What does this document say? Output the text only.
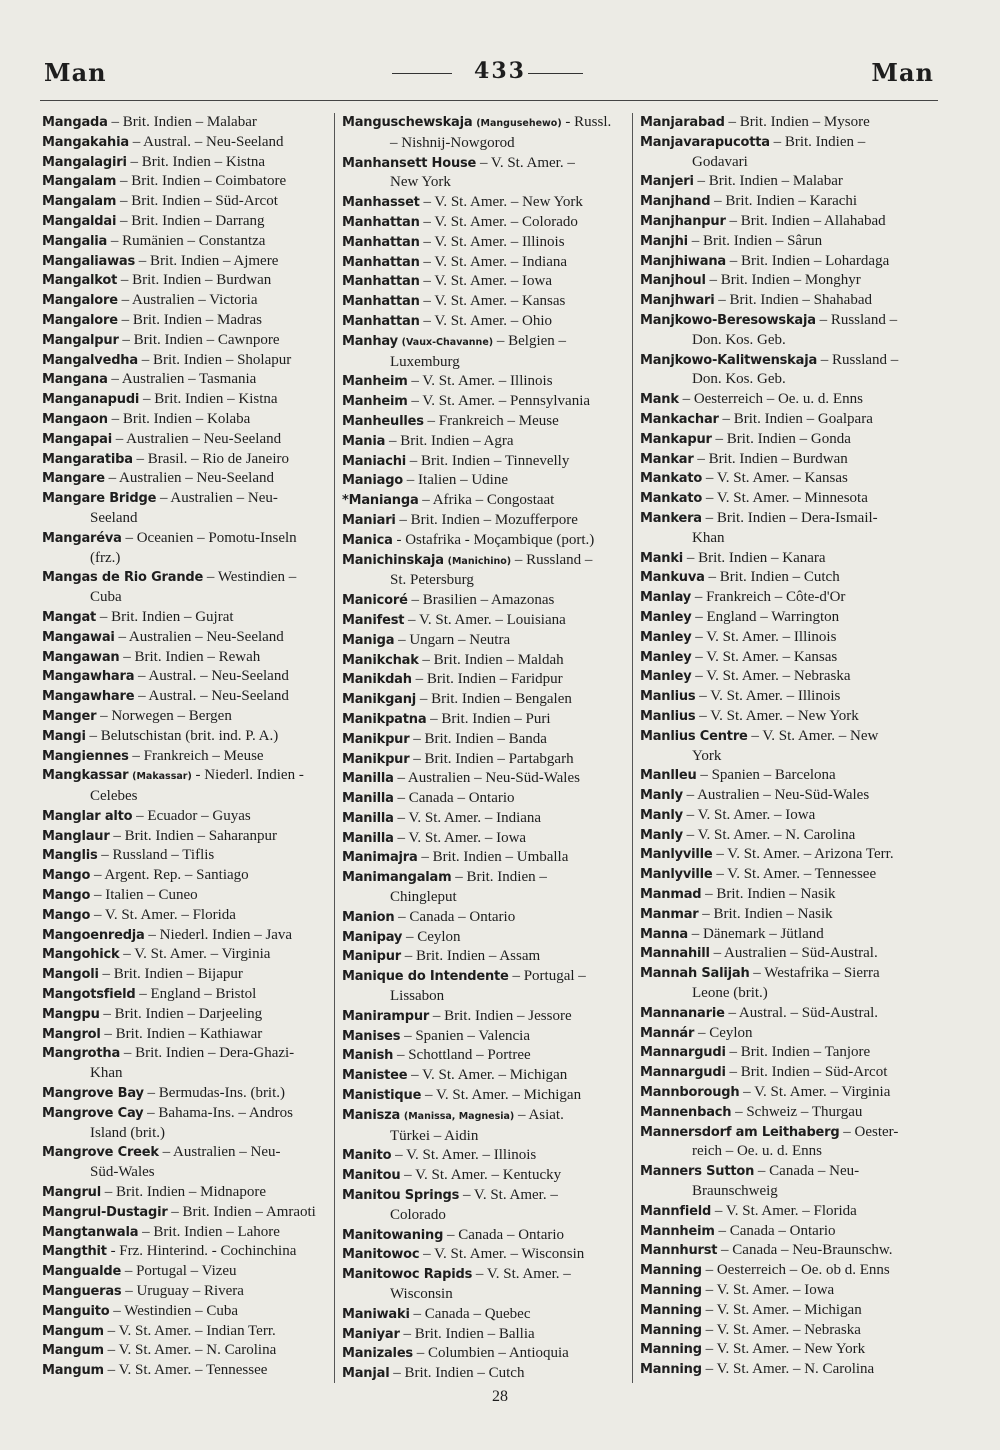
Man	433	Man

Mangada – Brit. Indien – Malabar

Mangakahia – Austral. – Neu-Seeland

Mangalagiri – Brit. Indien – Kistna

Mangalam – Brit. Indien – Coimbatore

Mangalam – Brit. Indien – Süd-Arcot

Mangaldai – Brit. Indien – Darrang

Mangalia – Rumänien – Constantza

Mangaliawas – Brit. Indien – Ajmere

Mangalkot – Brit. Indien – Burdwan

Mangalore – Australien – Victoria

Mangalore – Brit. Indien – Madras

Mangalpur – Brit. Indien – Cawnpore

Mangalvedha – Brit. Indien – Sholapur

Mangana – Australien – Tasmania

Manganapudi – Brit. Indien – Kistna

Mangaon – Brit. Indien – Kolaba

Mangapai – Australien – Neu-Seeland

Mangaratiba – Brasil. – Rio de Janeiro

Mangare – Australien – Neu-Seeland

Mangare Bridge – Australien – Neu-

Seeland

Mangaréva – Oceanien – Pomotu-Inseln

(frz.)

Mangas de Rio Grande – Westindien –

Cuba

Mangat – Brit. Indien – Gujrat

Mangawai – Australien – Neu-Seeland

Mangawan – Brit. Indien – Rewah

Mangawhara – Austral. – Neu-Seeland

Mangawhare – Austral. – Neu-Seeland

Manger – Norwegen – Bergen

Mangi – Belutschistan (brit. ind. P. A.)

Mangiennes – Frankreich – Meuse

Mangkassar (Makassar) - Niederl. Indien -

Celebes

Manglar alto – Ecuador – Guyas

Manglaur – Brit. Indien – Saharanpur

Manglis – Russland – Tiflis

Mango – Argent. Rep. – Santiago

Mango – Italien – Cuneo

Mango – V. St. Amer. – Florida

Mangoenredja – Niederl. Indien – Java

Mangohick – V. St. Amer. – Virginia

Mangoli – Brit. Indien – Bijapur

Mangotsfield – England – Bristol

Mangpu – Brit. Indien – Darjeeling

Mangrol – Brit. Indien – Kathiawar

Mangrotha – Brit. Indien – Dera-Ghazi-

Khan

Mangrove Bay – Bermudas-Ins. (brit.)

Mangrove Cay – Bahama-Ins. – Andros

Island (brit.)

Mangrove Creek – Australien – Neu-

Süd-Wales

Mangrul – Brit. Indien – Midnapore

Mangrul-Dustagir – Brit. Indien – Amraoti

Mangtanwala – Brit. Indien – Lahore

Mangthit - Frz. Hinterind. - Cochinchina

Mangualde – Portugal – Vizeu

Mangueras – Uruguay – Rivera

Manguito – Westindien – Cuba

Mangum – V. St. Amer. – Indian Terr.

Mangum – V. St. Amer. – N. Carolina

Mangum – V. St. Amer. – Tennessee

Manguschewskaja (Mangusehewo) - Russl.

– Nishnij-Nowgorod

Manhansett House – V. St. Amer. –

New York

Manhasset – V. St. Amer. – New York

Manhattan – V. St. Amer. – Colorado

Manhattan – V. St. Amer. – Illinois

Manhattan – V. St. Amer. – Indiana

Manhattan – V. St. Amer. – Iowa

Manhattan – V. St. Amer. – Kansas

Manhattan – V. St. Amer. – Ohio

Manhay (Vaux-Chavanne) – Belgien –

Luxemburg

Manheim – V. St. Amer. – Illinois

Manheim – V. St. Amer. – Pennsylvania

Manheulles – Frankreich – Meuse

Mania – Brit. Indien – Agra

Maniachi – Brit. Indien – Tinnevelly

Maniago – Italien – Udine

*Manianga – Afrika – Congostaat

Maniari – Brit. Indien – Mozufferpore

Manica - Ostafrika - Moçambique (port.)

Manichinskaja (Manichino) – Russland –

St. Petersburg

Manicoré – Brasilien – Amazonas

Manifest – V. St. Amer. – Louisiana

Maniga – Ungarn – Neutra

Manikchak – Brit. Indien – Maldah

Manikdah – Brit. Indien – Faridpur

Manikganj – Brit. Indien – Bengalen

Manikpatna – Brit. Indien – Puri

Manikpur – Brit. Indien – Banda

Manikpur – Brit. Indien – Partabgarh

Manilla – Australien – Neu-Süd-Wales

Manilla – Canada – Ontario

Manilla – V. St. Amer. – Indiana

Manilla – V. St. Amer. – Iowa

Manimajra – Brit. Indien – Umballa

Manimangalam – Brit. Indien –

Chingleput

Manion – Canada – Ontario

Manipay – Ceylon

Manipur – Brit. Indien – Assam

Manique do Intendente – Portugal –

Lissabon

Manirampur – Brit. Indien – Jessore

Manises – Spanien – Valencia

Manish – Schottland – Portree

Manistee – V. St. Amer. – Michigan

Manistique – V. St. Amer. – Michigan

Manisza (Manissa, Magnesia) – Asiat.

Türkei – Aidin

Manito – V. St. Amer. – Illinois

Manitou – V. St. Amer. – Kentucky

Manitou Springs – V. St. Amer. –

Colorado

Manitowaning – Canada – Ontario

Manitowoc – V. St. Amer. – Wisconsin

Manitowoc Rapids – V. St. Amer. –

Wisconsin

Maniwaki – Canada – Quebec

Maniyar – Brit. Indien – Ballia

Manizales – Columbien – Antioquia

Manjal – Brit. Indien – Cutch

Manjarabad – Brit. Indien – Mysore

Manjavarapucotta – Brit. Indien –

Godavari

Manjeri – Brit. Indien – Malabar

Manjhand – Brit. Indien – Karachi

Manjhanpur – Brit. Indien – Allahabad

Manjhi – Brit. Indien – Sârun

Manjhiwana – Brit. Indien – Lohardaga

Manjhoul – Brit. Indien – Monghyr

Manjhwari – Brit. Indien – Shahabad

Manjkowo-Beresowskaja – Russland –

Don. Kos. Geb.

Manjkowo-Kalitwenskaja – Russland –

Don. Kos. Geb.

Mank – Oesterreich – Oe. u. d. Enns

Mankachar – Brit. Indien – Goalpara

Mankapur – Brit. Indien – Gonda

Mankar – Brit. Indien – Burdwan

Mankato – V. St. Amer. – Kansas

Mankato – V. St. Amer. – Minnesota

Mankera – Brit. Indien – Dera-Ismail-

Khan

Manki – Brit. Indien – Kanara

Mankuva – Brit. Indien – Cutch

Manlay – Frankreich – Côte-d'Or

Manley – England – Warrington

Manley – V. St. Amer. – Illinois

Manley – V. St. Amer. – Kansas

Manley – V. St. Amer. – Nebraska

Manlius – V. St. Amer. – Illinois

Manlius – V. St. Amer. – New York

Manlius Centre – V. St. Amer. – New

York

Manlleu – Spanien – Barcelona

Manly – Australien – Neu-Süd-Wales

Manly – V. St. Amer. – Iowa

Manly – V. St. Amer. – N. Carolina

Manlyville – V. St. Amer. – Arizona Terr.

Manlyville – V. St. Amer. – Tennessee

Manmad – Brit. Indien – Nasik

Manmar – Brit. Indien – Nasik

Manna – Dänemark – Jütland

Mannahill – Australien – Süd-Austral.

Mannah Salijah – Westafrika – Sierra

Leone (brit.)

Mannanarie – Austral. – Süd-Austral.

Mannár – Ceylon

Mannargudi – Brit. Indien – Tanjore

Mannargudi – Brit. Indien – Süd-Arcot

Mannborough – V. St. Amer. – Virginia

Mannenbach – Schweiz – Thurgau

Mannersdorf am Leithaberg – Oester-

reich – Oe. u. d. Enns

Manners Sutton – Canada – Neu-

Braunschweig

Mannfield – V. St. Amer. – Florida

Mannheim – Canada – Ontario

Mannhurst – Canada – Neu-Braunschw.

Manning – Oesterreich – Oe. ob d. Enns

Manning – V. St. Amer. – Iowa

Manning – V. St. Amer. – Michigan

Manning – V. St. Amer. – Nebraska

Manning – V. St. Amer. – New York

Manning – V. St. Amer. – N. Carolina

28
